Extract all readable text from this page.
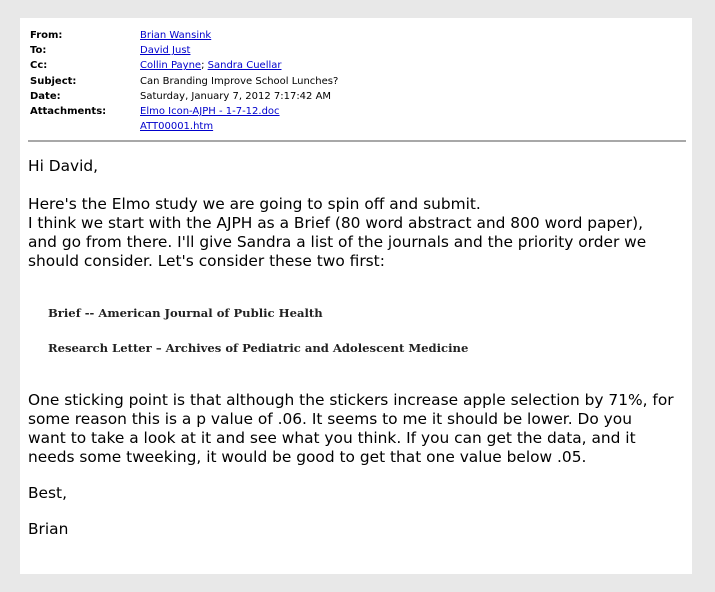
From:	Brian Wansink
To:	David Just
Cc:	Collin Payne; Sandra Cuellar
Subject:	Can Branding Improve School Lunches?
Date:	Saturday, January 7, 2012 7:17:42 AM
Attachments:	Elmo Icon-AJPH - 1-7-12.doc
ATT00001.htm
Hi David,
Here's the Elmo study we are going to spin off and submit.
I think we start with the AJPH as a Brief (80 word abstract and 800 word paper),
and go from there. I'll give Sandra a list of the journals and the priority order we
should consider. Let's consider these two first:
Brief -- American Journal of Public Health
Research Letter – Archives of Pediatric and Adolescent Medicine
One sticking point is that although the stickers increase apple selection by 71%, for
some reason this is a p value of .06. It seems to me it should be lower. Do you
want to take a look at it and see what you think. If you can get the data, and it
needs some tweeking, it would be good to get that one value below .05.
Best,
Brian
